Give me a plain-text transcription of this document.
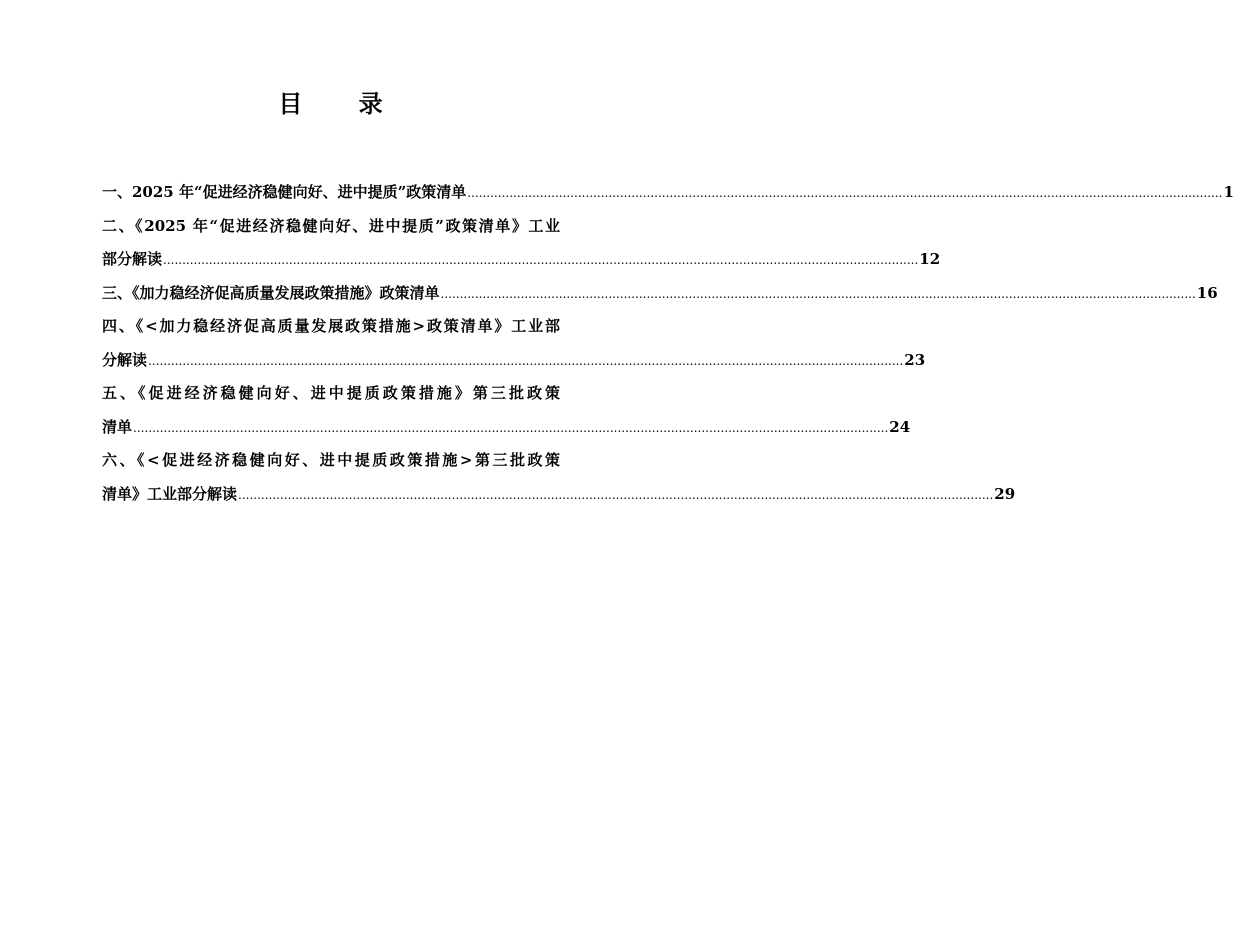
目 录
一、2025 年“促进经济稳健向好、进中提质”政策清单 ...................................................................................................................................................................................................... 1
二、《2025 年“促进经济稳健向好、进中提质”政策清单》工业
部分解读 ...................................................................................................................................................................................................... 12
三、《加力稳经济促高质量发展政策措施》政策清单 ...................................................................................................................................................................................................... 16
四、《<加力稳经济促高质量发展政策措施>政策清单》工业部
分解读 ...................................................................................................................................................................................................... 23
五、《促进经济稳健向好、进中提质政策措施》第三批政策
清单 ...................................................................................................................................................................................................... 24
六、《<促进经济稳健向好、进中提质政策措施>第三批政策
清单》工业部分解读 ...................................................................................................................................................................................................... 29
